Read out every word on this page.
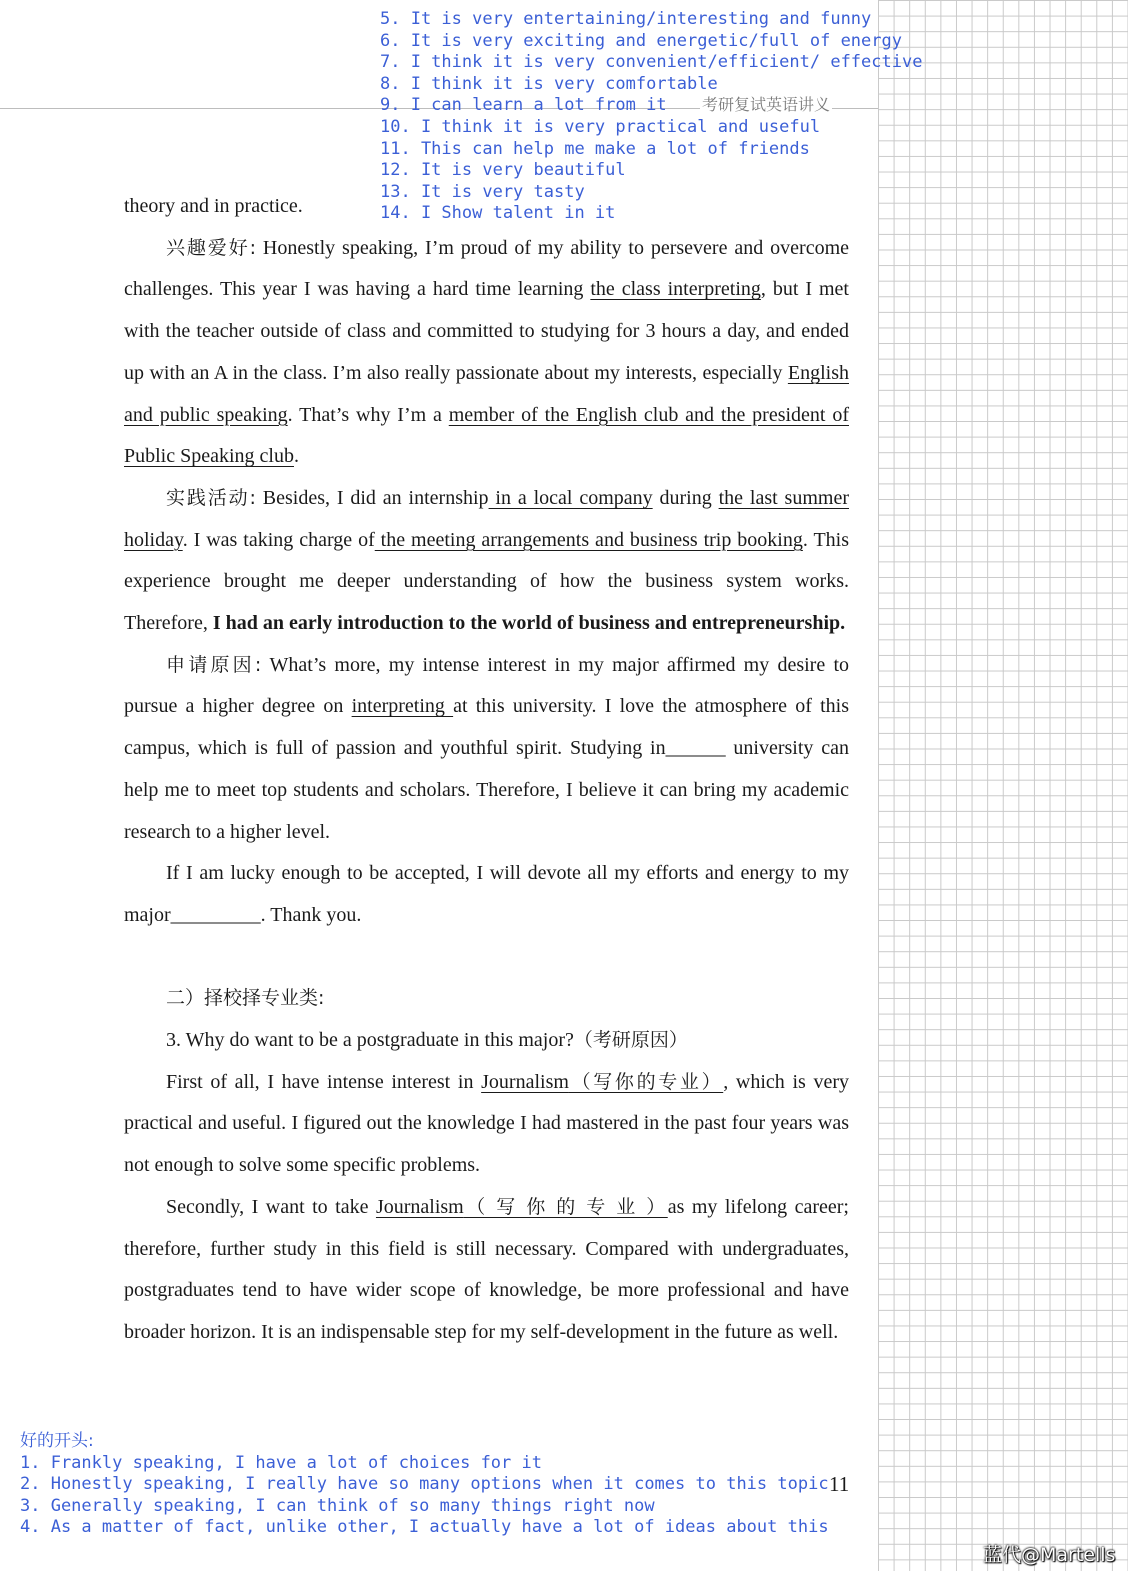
考研复试英语讲义
5. It is very entertaining/interesting and funny
6. It is very exciting and energetic/full of energy
7. I think it is very convenient/efficient/ effective
8. I think it is very comfortable
9. I can learn a lot from it
10. I think it is very practical and useful
11. This can help me make a lot of friends
12. It is very beautiful
13. It is very tasty
14. I Show talent in it

theory and in practice.

兴趣爱好: Honestly speaking, I’m proud of my ability to persevere and overcome challenges. This year I was having a hard time learning the class interpreting, but I met with the teacher outside of class and committed to studying for 3 hours a day, and ended up with an A in the class. I’m also really passionate about my interests, especially English and public speaking. That’s why I’m a member of the English club and the president of Public Speaking club.

实践活动: Besides, I did an internship in a local company during the last summer holiday. I was taking charge of the meeting arrangements and business trip booking. This experience brought me deeper understanding of how the business system works. Therefore, I had an early introduction to the world of business and entrepreneurship.

申请原因: What’s more, my intense interest in my major affirmed my desire to pursue a higher degree on interpreting at this university. I love the atmosphere of this campus, which is full of passion and youthful spirit. Studying in______ university can help me to meet top students and scholars. Therefore, I believe it can bring my academic research to a higher level.

If I am lucky enough to be accepted, I will devote all my efforts and energy to my major_________. Thank you.

二）择校择专业类:

3. Why do want to be a postgraduate in this major?（考研原因）

First of all, I have intense interest in Journalism（写你的专业）, which is very practical and useful. I figured out the knowledge I had mastered in the past four years was not enough to solve some specific problems.

Secondly, I want to take Journalism（ 写 你 的 专 业 ）as my lifelong career; therefore, further study in this field is still necessary. Compared with undergraduates, postgraduates tend to have wider scope of knowledge, be more professional and have broader horizon. It is an indispensable step for my self-development in the future as well.

好的开头:
1. Frankly speaking, I have a lot of choices for it
2. Honestly speaking, I really have so many options when it comes to this topic
3. Generally speaking, I can think of so many things right now
4. As a matter of fact, unlike other, I actually have a lot of ideas about this
11
蓝代@Martells
